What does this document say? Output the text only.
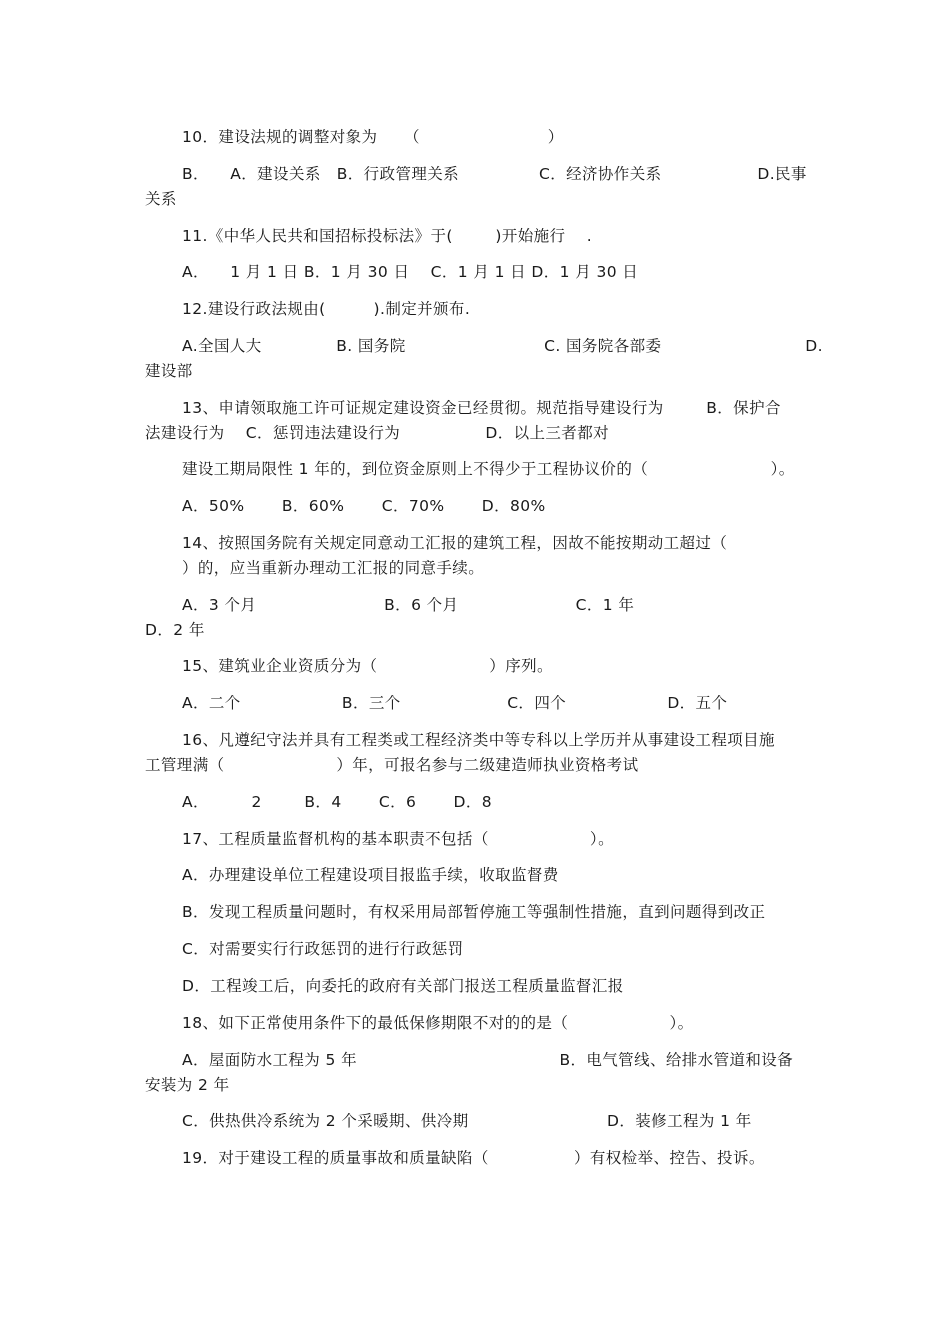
10．建设法规的调整对象为     （                        ）
B．    A．建设关系   B．行政管理关系               C．经济协作关系                  D.民事
关系
11.《中华人民共和国招标投标法》于(        )开始施行    .
A．    1 月 1 日 B．1 月 30 日    C．1 月 1 日 D．1 月 30 日
12.建设行政法规由(         ).制定并颁布.
A.全国人大              B. 国务院                          C. 国务院各部委                           D.
建设部
13、申请领取施工许可证规定建设资金已经贯彻。规范指导建设行为        B．保护合
法建设行为    C．惩罚违法建设行为                D．以上三者都对
建设工期局限性 1 年的，到位资金原则上不得少于工程协议价的（                       ）。
A．50%       B．60%       C．70%       D．80%
14、按照国务院有关规定同意动工汇报的建筑工程，因故不能按期动工超过（
）的，应当重新办理动工汇报的同意手续。
A．3 个月                        B．6 个月                      C．1 年
D．2 年
15、建筑业企业资质分为（                     ）序列。
A．二个                   B．三个                    C．四个                   D．五个
16、凡遵纪守法并具有工程类或工程经济类中等专科以上学历并从事建设工程项目施
工管理满（                     ）年，可报名参与二级建造师执业资格考试
A．        2        B．4       C．6       D．8
17、工程质量监督机构的基本职责不包括（                   ）。
A．办理建设单位工程建设项目报监手续，收取监督费
B．发现工程质量问题时，有权采用局部暂停施工等强制性措施，直到问题得到改正
C．对需要实行行政惩罚的进行行政惩罚
D．工程竣工后，向委托的政府有关部门报送工程质量监督汇报
18、如下正常使用条件下的最低保修期限不对的的是（                   ）。
A．屋面防水工程为 5 年                                      B．电气管线、给排水管道和设备
安装为 2 年
C．供热供冷系统为 2 个采暖期、供冷期                          D．装修工程为 1 年
19．对于建设工程的质量事故和质量缺陷（                ）有权检举、控告、投诉。
